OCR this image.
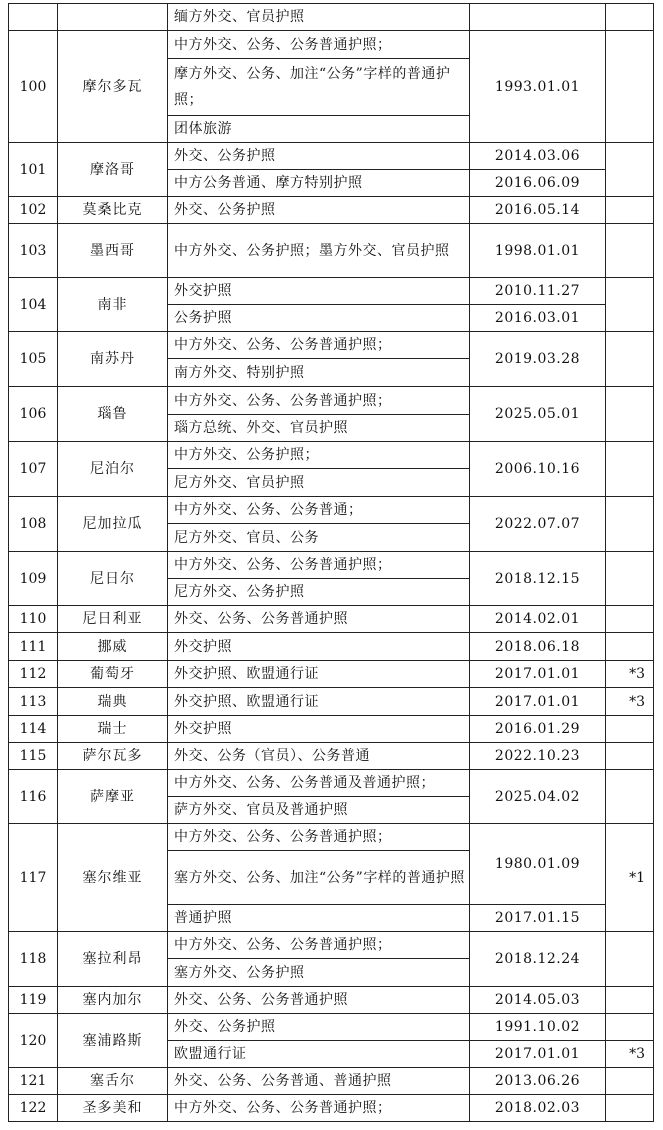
		缅方外交、官员护照		
100	摩尔多瓦	中方外交、公务、公务普通护照；	1993.01.01	
		摩方外交、公务、加注“公务”字样的普通护照；		
		团体旅游		
101	摩洛哥	外交、公务护照	2014.03.06	
		中方公务普通、摩方特别护照	2016.06.09	
102	莫桑比克	外交、公务护照	2016.05.14	
103	墨西哥	中方外交、公务护照；墨方外交、官员护照	1998.01.01	
104	南非	外交护照	2010.11.27	
		公务护照	2016.03.01	
105	南苏丹	中方外交、公务、公务普通护照；	2019.03.28	
		南方外交、特别护照		
106	瑙鲁	中方外交、公务、公务普通护照；	2025.05.01	
		瑙方总统、外交、官员护照		
107	尼泊尔	中方外交、公务护照；	2006.10.16	
		尼方外交、官员护照		
108	尼加拉瓜	中方外交、公务、公务普通；	2022.07.07	
		尼方外交、官员、公务		
109	尼日尔	中方外交、公务、公务普通护照；	2018.12.15	
		尼方外交、公务护照		
110	尼日利亚	外交、公务、公务普通护照	2014.02.01	
111	挪威	外交护照	2018.06.18	
112	葡萄牙	外交护照、欧盟通行证	2017.01.01	*3
113	瑞典	外交护照、欧盟通行证	2017.01.01	*3
114	瑞士	外交护照	2016.01.29	
115	萨尔瓦多	外交、公务（官员）、公务普通	2022.10.23	
116	萨摩亚	中方外交、公务、公务普通及普通护照；	2025.04.02	
		萨方外交、官员及普通护照		
117	塞尔维亚	中方外交、公务、公务普通护照；	1980.01.09	*1
		塞方外交、公务、加注“公务”字样的普通护照		
		普通护照	2017.01.15	
118	塞拉利昂	中方外交、公务、公务普通护照；	2018.12.24	
		塞方外交、公务护照		
119	塞内加尔	外交、公务、公务普通护照	2014.05.03	
120	塞浦路斯	外交、公务护照	1991.10.02	
		欧盟通行证	2017.01.01	*3
121	塞舌尔	外交、公务、公务普通、普通护照	2013.06.26	
122	圣多美和	中方外交、公务、公务普通护照；	2018.02.03	
